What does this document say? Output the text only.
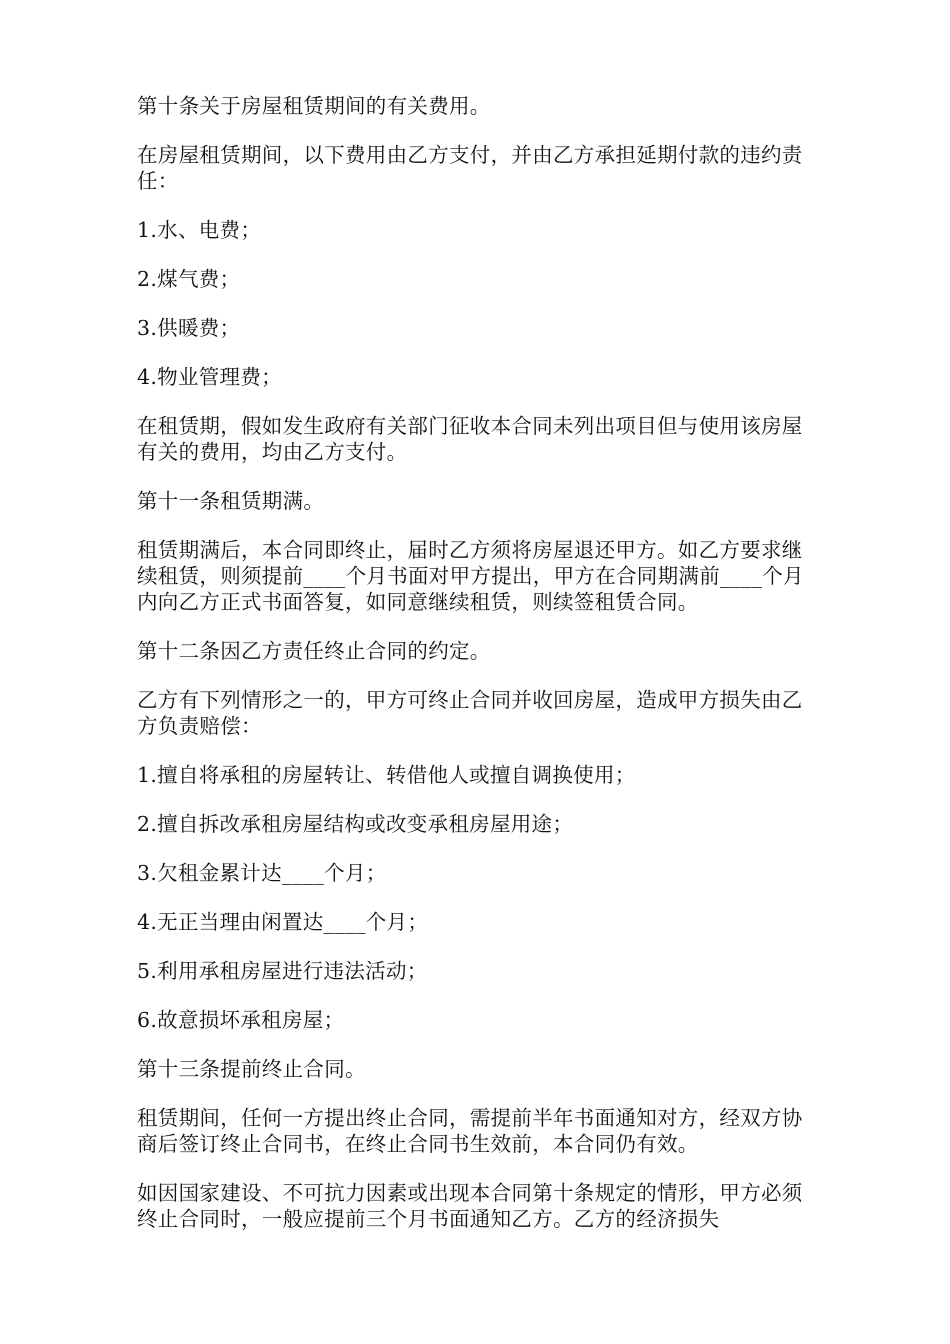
第十条关于房屋租赁期间的有关费用。

在房屋租赁期间，以下费用由乙方支付，并由乙方承担延期付款的违约责任：

1.水、电费；

2.煤气费；

3.供暖费；

4.物业管理费；

在租赁期，假如发生政府有关部门征收本合同未列出项目但与使用该房屋有关的费用，均由乙方支付。

第十一条租赁期满。

租赁期满后，本合同即终止，届时乙方须将房屋退还甲方。如乙方要求继续租赁，则须提前____个月书面对甲方提出，甲方在合同期满前____个月内向乙方正式书面答复，如同意继续租赁，则续签租赁合同。

第十二条因乙方责任终止合同的约定。

乙方有下列情形之一的，甲方可终止合同并收回房屋，造成甲方损失由乙方负责赔偿：

1.擅自将承租的房屋转让、转借他人或擅自调换使用；

2.擅自拆改承租房屋结构或改变承租房屋用途；

3.欠租金累计达____个月；

4.无正当理由闲置达____个月；

5.利用承租房屋进行违法活动；

6.故意损坏承租房屋；

第十三条提前终止合同。

租赁期间，任何一方提出终止合同，需提前半年书面通知对方，经双方协商后签订终止合同书，在终止合同书生效前，本合同仍有效。

如因国家建设、不可抗力因素或出现本合同第十条规定的情形，甲方必须终止合同时，一般应提前三个月书面通知乙方。乙方的经济损失
